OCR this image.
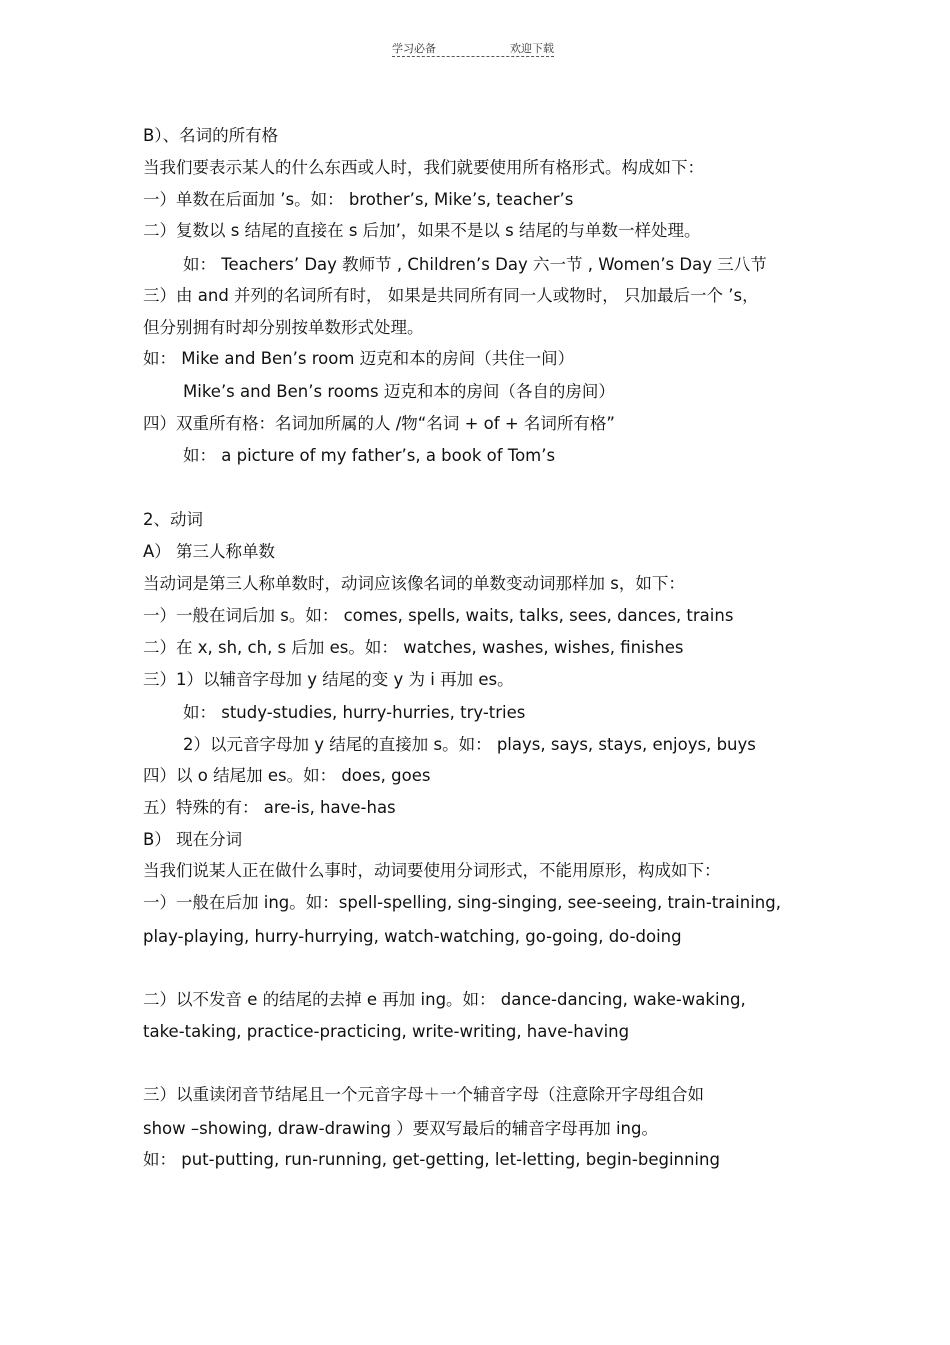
学习必备	欢迎下载
B）、名词的所有格
当我们要表示某人的什么东西或人时，我们就要使用所有格形式。构成如下：
一）单数在后面加 ’s。如： brother’s, Mike’s, teacher’s
二）复数以 s 结尾的直接在 s 后加’，如果不是以 s 结尾的与单数一样处理。
如： Teachers’ Day 教师节 , Children’s Day 六一节 , Women’s Day 三八节
三）由 and 并列的名词所有时， 如果是共同所有同一人或物时， 只加最后一个 ’s，
但分别拥有时却分别按单数形式处理。
如： Mike and Ben’s room 迈克和本的房间（共住一间）
Mike’s and Ben’s rooms 迈克和本的房间（各自的房间）
四）双重所有格：名词加所属的人 /物“名词 + of + 名词所有格”
如： a picture of my father’s, a book of Tom’s
2、动词
A） 第三人称单数
当动词是第三人称单数时，动词应该像名词的单数变动词那样加 s，如下：
一）一般在词后加 s。如： comes, spells, waits, talks, sees, dances, trains
二）在 x, sh, ch, s 后加 es。如： watches, washes, wishes, finishes
三）1）以辅音字母加 y 结尾的变 y 为 i 再加 es。
如： study-studies, hurry-hurries, try-tries
2）以元音字母加 y 结尾的直接加 s。如： plays, says, stays, enjoys, buys
四）以 o 结尾加 es。如： does, goes
五）特殊的有： are-is, have-has
B） 现在分词
当我们说某人正在做什么事时，动词要使用分词形式，不能用原形，构成如下：
一）一般在后加 ing。如：spell-spelling, sing-singing, see-seeing, train-training,
play-playing, hurry-hurrying, watch-watching, go-going, do-doing
二）以不发音 e 的结尾的去掉 e 再加 ing。如： dance-dancing, wake-waking,
take-taking, practice-practicing, write-writing, have-having
三）以重读闭音节结尾且一个元音字母＋一个辅音字母（注意除开字母组合如
show –showing, draw-drawing ）要双写最后的辅音字母再加 ing。
如： put-putting, run-running, get-getting, let-letting, begin-beginning
